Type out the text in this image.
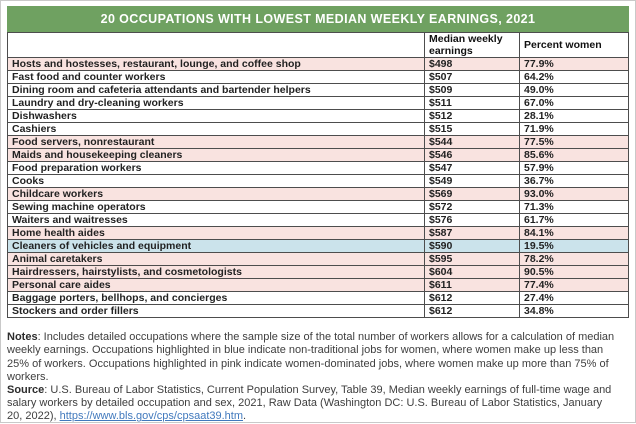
20 OCCUPATIONS WITH LOWEST MEDIAN WEEKLY EARNINGS, 2021
	Median weekly earnings	Percent women
Hosts and hostesses, restaurant, lounge, and coffee shop	$498	77.9%
Fast food and counter workers	$507	64.2%
Dining room and cafeteria attendants and bartender helpers	$509	49.0%
Laundry and dry-cleaning workers	$511	67.0%
Dishwashers	$512	28.1%
Cashiers	$515	71.9%
Food servers, nonrestaurant	$544	77.5%
Maids and housekeeping cleaners	$546	85.6%
Food preparation workers	$547	57.9%
Cooks	$549	36.7%
Childcare workers	$569	93.0%
Sewing machine operators	$572	71.3%
Waiters and waitresses	$576	61.7%
Home health aides	$587	84.1%
Cleaners of vehicles and equipment	$590	19.5%
Animal caretakers	$595	78.2%
Hairdressers, hairstylists, and cosmetologists	$604	90.5%
Personal care aides	$611	77.4%
Baggage porters, bellhops, and concierges	$612	27.4%
Stockers and order fillers	$612	34.8%

Notes: Includes detailed occupations where the sample size of the total number of workers allows for a calculation of median weekly earnings. Occupations highlighted in blue indicate non-traditional jobs for women, where women make up less than 25% of workers. Occupations highlighted in pink indicate women-dominated jobs, where women make up more than 75% of workers.

Source: U.S. Bureau of Labor Statistics, Current Population Survey, Table 39, Median weekly earnings of full-time wage and salary workers by detailed occupation and sex, 2021, Raw Data (Washington DC: U.S. Bureau of Labor Statistics, January 20, 2022), https://www.bls.gov/cps/cpsaat39.htm.
